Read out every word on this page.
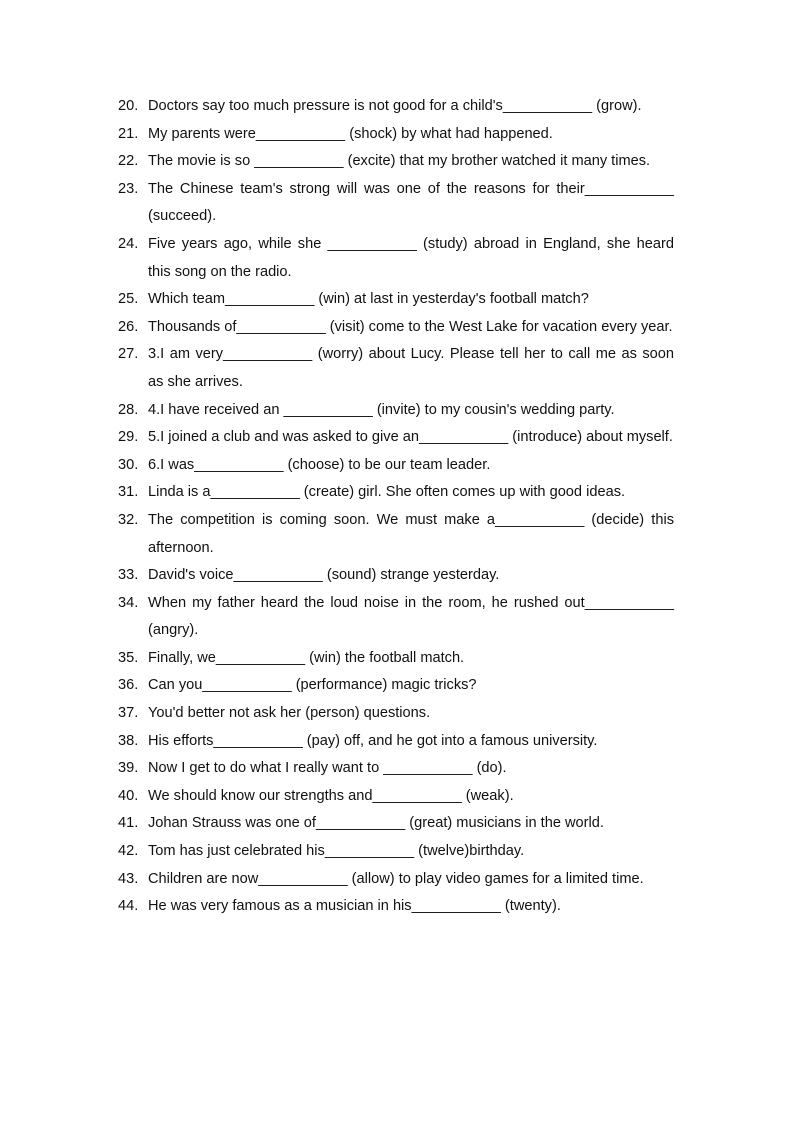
20. Doctors say too much pressure is not good for a child's___________ (grow).
21. My parents were___________ (shock) by what had happened.
22. The movie is so ___________ (excite) that my brother watched it many times.
23. The Chinese team's strong will was one of the reasons for their___________ (succeed).
24. Five years ago, while she ___________ (study) abroad in England, she heard this song on the radio.
25. Which team___________ (win) at last in yesterday's football match?
26. Thousands of___________ (visit) come to the West Lake for vacation every year.
27. 3.I am very___________ (worry) about Lucy. Please tell her to call me as soon as she arrives.
28. 4.I have received an ___________ (invite) to my cousin's wedding party.
29. 5.I joined a club and was asked to give an___________ (introduce) about myself.
30. 6.I was___________ (choose) to be our team leader.
31. Linda is a___________ (create) girl. She often comes up with good ideas.
32. The competition is coming soon. We must make a___________ (decide) this afternoon.
33. David's voice___________ (sound) strange yesterday.
34. When my father heard the loud noise in the room, he rushed out___________ (angry).
35. Finally, we___________ (win) the football match.
36. Can you___________ (performance) magic tricks?
37. You'd better not ask her (person) questions.
38. His efforts___________ (pay) off, and he got into a famous university.
39. Now I get to do what I really want to ___________ (do).
40. We should know our strengths and___________ (weak).
41. Johan Strauss was one of___________ (great) musicians in the world.
42. Tom has just celebrated his___________ (twelve)birthday.
43. Children are now___________ (allow) to play video games for a limited time.
44. He was very famous as a musician in his___________ (twenty).
